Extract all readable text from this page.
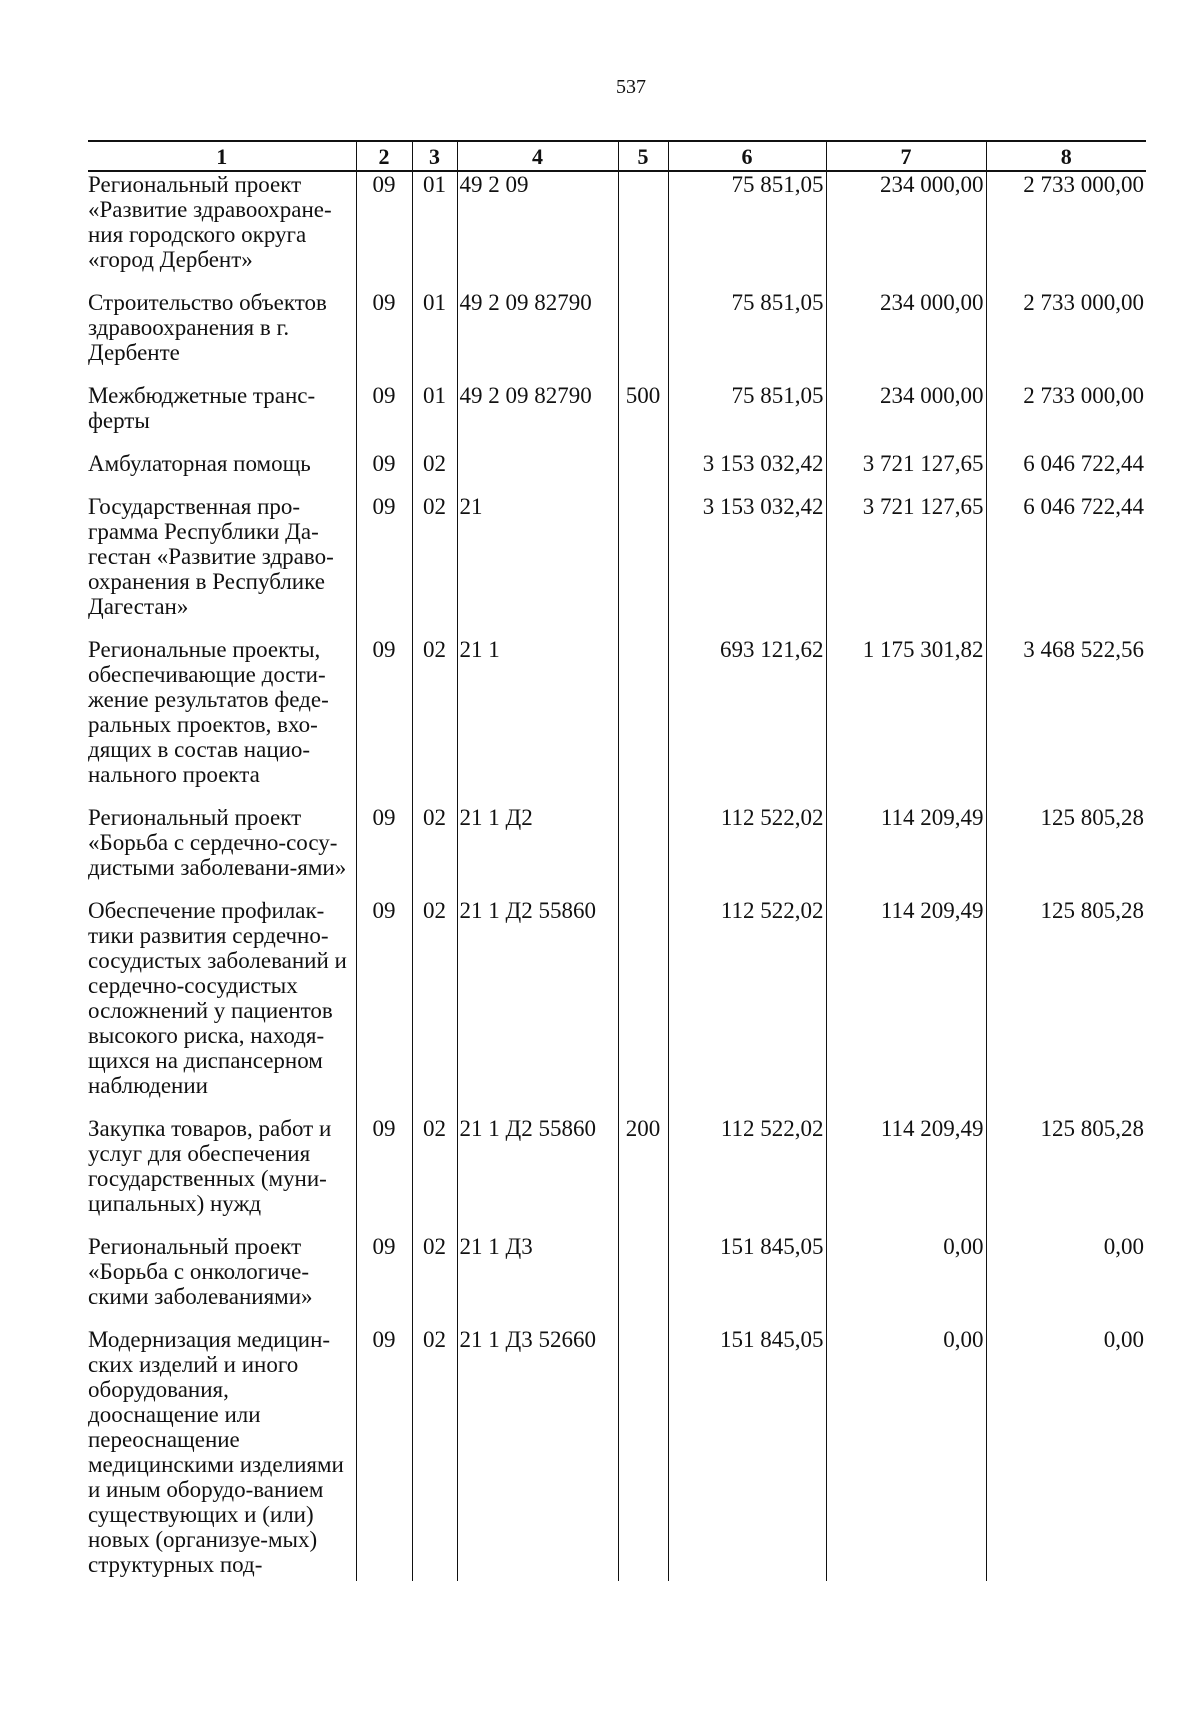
537
1	2	3	4	5	6	7	8
Региональный проект «Развитие здравоохране-ния городского округа «город Дербент»	09	01	49 2 09		75 851,05	234 000,00	2 733 000,00
Строительство объектов здравоохранения в г. Дербенте	09	01	49 2 09 82790		75 851,05	234 000,00	2 733 000,00
Межбюджетные транс-ферты	09	01	49 2 09 82790	500	75 851,05	234 000,00	2 733 000,00
Амбулаторная помощь	09	02			3 153 032,42	3 721 127,65	6 046 722,44
Государственная про-грамма Республики Да-гестан «Развитие здраво-охранения в Республике Дагестан»	09	02	21		3 153 032,42	3 721 127,65	6 046 722,44
Региональные проекты, обеспечивающие дости-жение результатов феде-ральных проектов, вхо-дящих в состав нацио-нального проекта	09	02	21 1		693 121,62	1 175 301,82	3 468 522,56
Региональный проект «Борьба с сердечно-сосу-дистыми заболевани-ями»	09	02	21 1 Д2		112 522,02	114 209,49	125 805,28
Обеспечение профилак-тики развития сердечно-сосудистых заболеваний и сердечно-сосудистых осложнений у пациентов высокого риска, находя-щихся на диспансерном наблюдении	09	02	21 1 Д2 55860		112 522,02	114 209,49	125 805,28
Закупка товаров, работ и услуг для обеспечения государственных (муни-ципальных) нужд	09	02	21 1 Д2 55860	200	112 522,02	114 209,49	125 805,28
Региональный проект «Борьба с онкологиче-скими заболеваниями»	09	02	21 1 Д3		151 845,05	0,00	0,00
Модернизация медицин-ских изделий и иного оборудования, дооснащение или переоснащение медицинскими изделиями и иным оборудо-ванием существующих и (или) новых (организуе-мых) структурных под-	09	02	21 1 Д3 52660		151 845,05	0,00	0,00
